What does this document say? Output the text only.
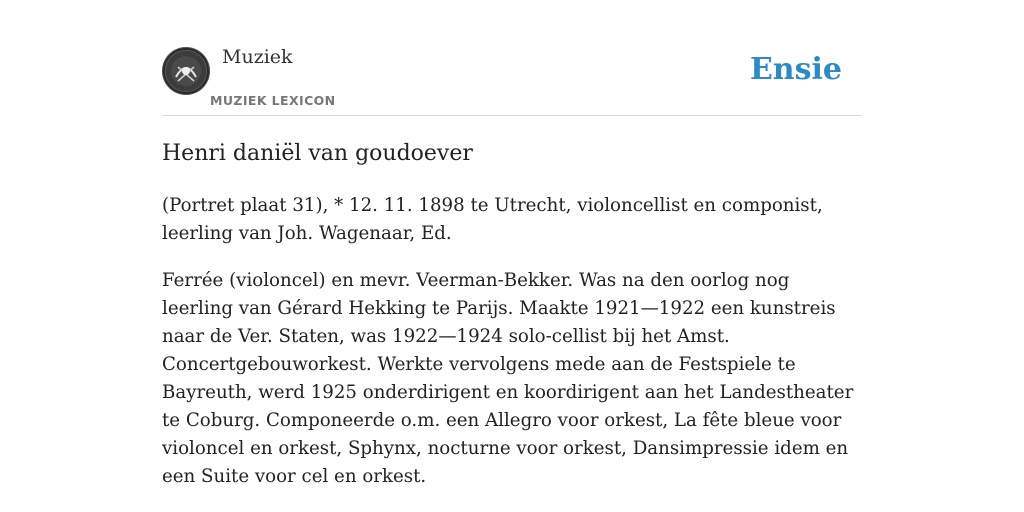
Muziek
MUZIEK LEXICON
Ensie
Henri daniël van goudoever

(Portret plaat 31), * 12. 11. 1898 te Utrecht, violoncellist en componist, leerling van Joh. Wagenaar, Ed.

Ferrée (violoncel) en mevr. Veerman-Bekker. Was na den oorlog nog leerling van Gérard Hekking te Parijs. Maakte 1921—1922 een kunstreis naar de Ver. Staten, was 1922—1924 solo-cellist bij het Amst. Concertgebouworkest. Werkte vervolgens mede aan de Festspiele te Bayreuth, werd 1925 onderdirigent en koordirigent aan het Landestheater te Coburg. Componeerde o.m. een Allegro voor orkest, La fête bleue voor violoncel en orkest, Sphynx, nocturne voor orkest, Dansimpressie idem en een Suite voor cel en orkest.
